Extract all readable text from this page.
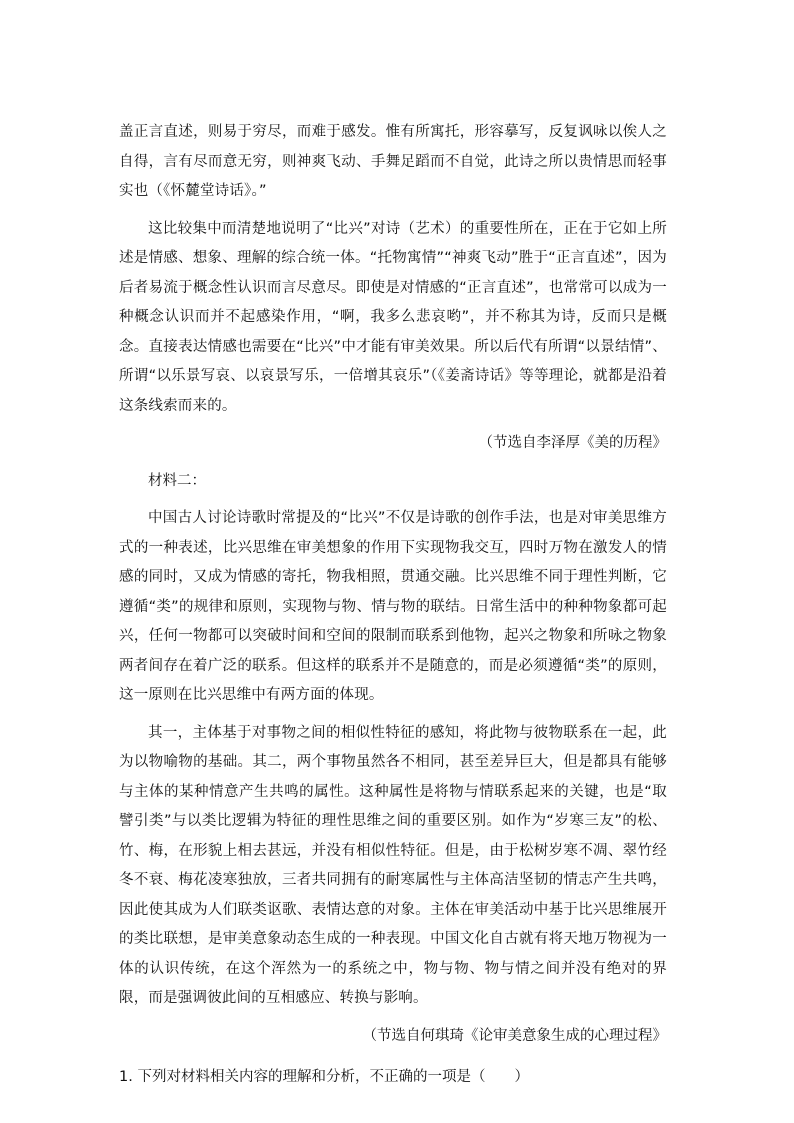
盖正言直述，则易于穷尽，而难于感发。惟有所寓托，形容摹写，反复讽咏以俟人之自得，言有尽而意无穷，则神爽飞动、手舞足蹈而不自觉，此诗之所以贵情思而轻事实也（《怀麓堂诗话》。”

这比较集中而清楚地说明了“比兴”对诗（艺术）的重要性所在，正在于它如上所述是情感、想象、理解的综合统一体。“托物寓情”“神爽飞动”胜于“正言直述”，因为后者易流于概念性认识而言尽意尽。即使是对情感的“正言直述”，也常常可以成为一种概念认识而并不起感染作用，“啊，我多么悲哀哟”，并不称其为诗，反而只是概念。直接表达情感也需要在“比兴”中才能有审美效果。所以后代有所谓“以景结情”、所谓“以乐景写哀、以哀景写乐，一倍增其哀乐”（《姜斋诗话》等等理论，就都是沿着这条线索而来的。

（节选自李泽厚《美的历程》

材料二：

中国古人讨论诗歌时常提及的“比兴”不仅是诗歌的创作手法，也是对审美思维方式的一种表述，比兴思维在审美想象的作用下实现物我交互，四时万物在激发人的情感的同时，又成为情感的寄托，物我相照，贯通交融。比兴思维不同于理性判断，它遵循“类”的规律和原则，实现物与物、情与物的联结。日常生活中的种种物象都可起兴，任何一物都可以突破时间和空间的限制而联系到他物，起兴之物象和所咏之物象两者间存在着广泛的联系。但这样的联系并不是随意的，而是必须遵循“类”的原则，这一原则在比兴思维中有两方面的体现。

其一，主体基于对事物之间的相似性特征的感知，将此物与彼物联系在一起，此为以物喻物的基础。其二，两个事物虽然各不相同，甚至差异巨大，但是都具有能够与主体的某种情意产生共鸣的属性。这种属性是将物与情联系起来的关键，也是“取譬引类”与以类比逻辑为特征的理性思维之间的重要区别。如作为“岁寒三友”的松、竹、梅，在形貌上相去甚远，并没有相似性特征。但是，由于松树岁寒不凋、翠竹经冬不衰、梅花凌寒独放，三者共同拥有的耐寒属性与主体高洁坚韧的情志产生共鸣，因此使其成为人们联类讴歌、表情达意的对象。主体在审美活动中基于比兴思维展开的类比联想，是审美意象动态生成的一种表现。中国文化自古就有将天地万物视为一体的认识传统，在这个浑然为一的系统之中，物与物、物与情之间并没有绝对的界限，而是强调彼此间的互相感应、转换与影响。

（节选自何琪琦《论审美意象生成的心理过程》

1. 下列对材料相关内容的理解和分析，不正确的一项是（　　）
